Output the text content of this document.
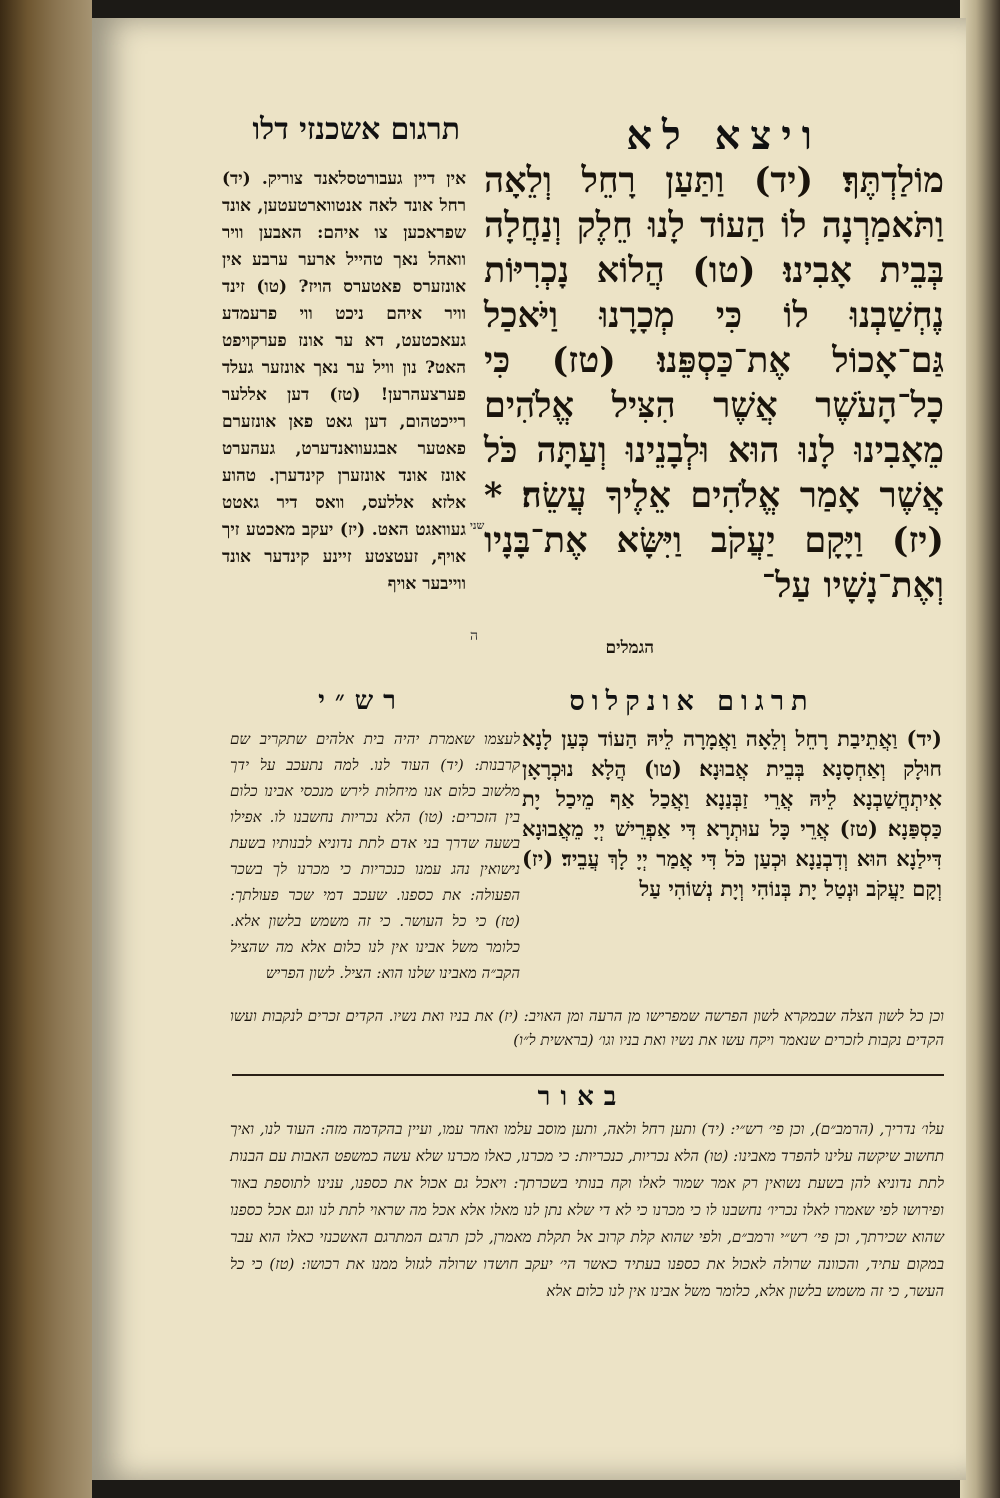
ויצא לא
תרגום אשכנזי דלו
מוֹלַדְתֶּךָ׃ (יד) וַתַּעַן רָחֵל וְלֵאָה וַתֹּאמַרְנָה לוֹ הַעוֹד לָנוּ חֵלֶק וְנַחֲלָה בְּבֵית אָבִינוּ׃ (טו) הֲלוֹא נָכְרִיּוֹת נֶחְשַׁבְנוּ לוֹ כִּי מְכָרָנוּ וַיֹּאכַל גַּם־אָכוֹל אֶת־כַּסְפֵּנוּ׃ (טז) כִּי כָל־הָעֹשֶׁר אֲשֶׁר הִצִּיל אֱלֹהִים מֵאָבִינוּ לָנוּ הוּא וּלְבָנֵינוּ וְעַתָּה כֹּל אֲשֶׁר אָמַר אֱלֹהִים אֵלֶיךָ עֲשֵׂה׃ * (יז) וַיָּקָם יַעֲקֹב וַיִּשָּׂא אֶת־בָּנָיו וְאֶת־נָשָׁיו עַל־
הגמלים
אין דיין געבורטסלאנד צוריק. (יד) רחל אונד לאה אנטווארטעטען, אונד שפראכען צו איהם: האבען וויר וואהל נאך טהייל ארער ערבע אין אונזערס פאטערס הויז? (טו) זינד וויר איהם ניכט ווי פרעמדע געאכטעט, דא ער אונז פערקויפט האט? נון וויל ער נאך אונזער געלד פערצעהרען! (טז) דען אללער רייכטהום, דען גאט פאן אונזערם פאטער אבגעוואנדערט, געהערט אונז אונד אונזערן קינדערן. טהוע אלזא אללעס, וואס דיר גאטט געוואגט האט. (יז) יעקב מאכטע זיך אויף, זעטצטע זיינע קינדער אונד ווייבער אויף
שני
ה
תרגום אונקלוס
(יד) וַאֲתֵיבַת רָחֵל וְלֵאָה וַאֲמָרָה לֵיהּ הַעוֹד כְּעַן לָנָא חוּלָק וְאַחְסָנָא בְּבֵית אֲבוּנָא׃ (טו) הֲלָא נוּכְרָאָן אִיתְחֲשַׁבְנָא לֵיהּ אֲרֵי זַבְּנַנָא וַאֲכַל אַף מֵיכַל יָת כַּסְפַּנָא׃ (טז) אֲרֵי כָּל עוּתְרָא דִּי אַפְרֵישׁ יְיָ מֵאֲבוּנָא דִּילַנָא הוּא וְדִבְנַנָא וּכְעַן כֹּל דִּי אֲמַר יְיָ לָךְ עֲבֵיד׃ (יז) וְקָם יַעֲקֹב וּנְטַל יָת בְּנוֹהִי וְיָת נְשׁוֹהִי עַל
רש״י
לעצמו שאמרת יהיה בית אלהים שתקריב שם קרבנות: (יד) העוד לנו. למה נתעכב על ידך מלשוב כלום אנו מיחלות לירש מנכסי אבינו כלום בין הזכרים: (טו) הלא נכריות נחשבנו לו. אפילו בשעה שדרך בני אדם לתת נדוניא לבנותיו בשעת נישואין נהג עמנו כנכריות כי מכרנו לך בשכר הפעולה: את כספנו. שעכב דמי שכר פעולתך: (טז) כי כל העושר. כי זה משמש בלשון אלא. כלומר משל אבינו אין לנו כלום אלא מה שהציל הקב״ה מאבינו שלנו הוא: הציל. לשון הפריש
וכן כל לשון הצלה שבמקרא לשון הפרשה שמפרישו מן הרעה ומן האויב: (יז) את בניו ואת נשיו. הקדים זכרים לנקבות ועשו הקדים נקבות לזכרים שנאמר ויקח עשו את נשיו ואת בניו וגו׳ (בראשית ל״ו)
באור
עלו׳ נדריך, (הרמב״ם), וכן פי׳ רש״י: (יד) ותען רחל ולאה, ותען מוסב עלמו ואחר עמו, ועיין בהקדמה מזה: העוד לנו, ואיך תחשוב שיקשה עלינו להפרד מאבינו: (טו) הלא נכריות, כנכריות: כי מכרנו, כאלו מכרנו שלא עשה כמשפט האבות עם הבנות לתת נדוניא להן בשעת נשואין רק אמר שמור לאלו וקח בנותי בשכרתך: ויאכל גם אכול את כספנו, ענינו לתוספת באור ופירושו לפי שאמרו לאלו נכריו׳ נחשבנו לו כי מכרנו כי לא די שלא נתן לנו מאלו אלא אכל מה שראוי לתת לנו וגם אכל כספנו שהוא שכירתך, וכן פי׳ רש״י ורמב״ם, ולפי שהוא קלת קרוב אל תקלת מאמרן, לכן תרגם המתרגם האשכנזי כאלו הוא עבר במקום עתיד, והכוונה שרולה לאכול את כספנו בעתיד כאשר הי׳ יעקב חושדו שרולה לגזול ממנו את רכושו: (טז) כי כל העשר, כי זה משמש בלשון אלא, כלומר משל אבינו אין לנו כלום אלא
